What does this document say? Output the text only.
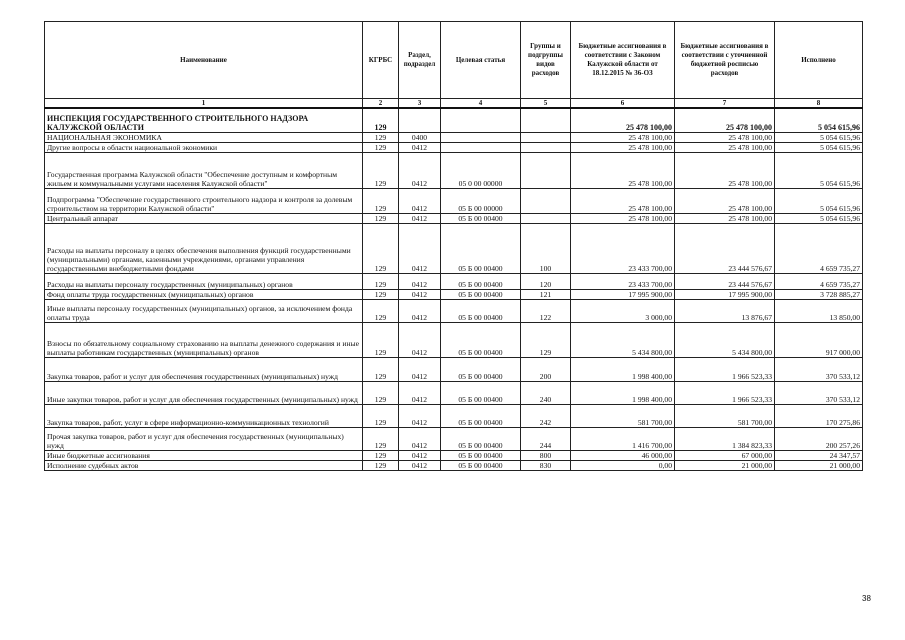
Наименование	КГРБС	Раздел, подраздел	Целевая статья	Группы и подгруппы видов расходов	Бюджетные ассигнования в соответствии с Законом Калужской области от 18.12.2015 № 36-ОЗ	Бюджетные ассигнования в соответствии с уточненной бюджетной росписью расходов	Исполнено
1	2	3	4	5	6	7	8
ИНСПЕКЦИЯ ГОСУДАРСТВЕННОГО СТРОИТЕЛЬНОГО НАДЗОРА КАЛУЖСКОЙ ОБЛАСТИ	129				25 478 100,00	25 478 100,00	5 054 615,96
НАЦИОНАЛЬНАЯ ЭКОНОМИКА	129	0400			25 478 100,00	25 478 100,00	5 054 615,96
Другие вопросы в области национальной экономики	129	0412			25 478 100,00	25 478 100,00	5 054 615,96
Государственная программа Калужской области "Обеспечение доступным и комфортным жильем и коммунальными услугами населения Калужской области"	129	0412	05 0 00 00000		25 478 100,00	25 478 100,00	5 054 615,96
Подпрограмма "Обеспечение государственного строительного надзора и контроля за долевым строительством на территории Калужской области"	129	0412	05 Б 00 00000		25 478 100,00	25 478 100,00	5 054 615,96
Центральный аппарат	129	0412	05 Б 00 00400		25 478 100,00	25 478 100,00	5 054 615,96
Расходы на выплаты персоналу в целях обеспечения выполнения функций государственными (муниципальными) органами, казенными учреждениями, органами управления государственными внебюджетными фондами	129	0412	05 Б 00 00400	100	23 433 700,00	23 444 576,67	4 659 735,27
Расходы на выплаты персоналу государственных (муниципальных) органов	129	0412	05 Б 00 00400	120	23 433 700,00	23 444 576,67	4 659 735,27
Фонд оплаты труда государственных (муниципальных) органов	129	0412	05 Б 00 00400	121	17 995 900,00	17 995 900,00	3 728 885,27
Иные выплаты персоналу государственных (муниципальных) органов, за исключением фонда оплаты труда	129	0412	05 Б 00 00400	122	3 000,00	13 876,67	13 850,00
Взносы по обязательному социальному страхованию на выплаты денежного содержания и иные выплаты работникам государственных (муниципальных) органов	129	0412	05 Б 00 00400	129	5 434 800,00	5 434 800,00	917 000,00
Закупка товаров, работ и услуг для обеспечения государственных (муниципальных) нужд	129	0412	05 Б 00 00400	200	1 998 400,00	1 966 523,33	370 533,12
Иные закупки товаров, работ и услуг для обеспечения государственных (муниципальных) нужд	129	0412	05 Б 00 00400	240	1 998 400,00	1 966 523,33	370 533,12
Закупка товаров, работ, услуг в сфере информационно-коммуникационных технологий	129	0412	05 Б 00 00400	242	581 700,00	581 700,00	170 275,86
Прочая закупка товаров, работ и услуг для обеспечения государственных (муниципальных) нужд	129	0412	05 Б 00 00400	244	1 416 700,00	1 384 823,33	200 257,26
Иные бюджетные ассигнования	129	0412	05 Б 00 00400	800	46 000,00	67 000,00	24 347,57
Исполнение судебных актов	129	0412	05 Б 00 00400	830	0,00	21 000,00	21 000,00
38
